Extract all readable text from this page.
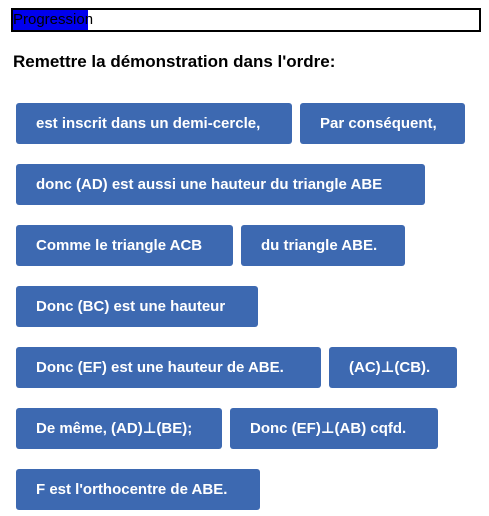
Progression
Remettre la démonstration dans l'ordre:
est inscrit dans un demi-cercle,	Par conséquent,
donc (AD) est aussi une hauteur du triangle ABE
Comme le triangle ACB	du triangle ABE.
Donc (BC) est une hauteur
Donc (EF) est une hauteur de ABE.	(AC)⊥(CB).
De même, (AD)⊥(BE);	Donc (EF)⊥(AB) cqfd.
F est l'orthocentre de ABE.
